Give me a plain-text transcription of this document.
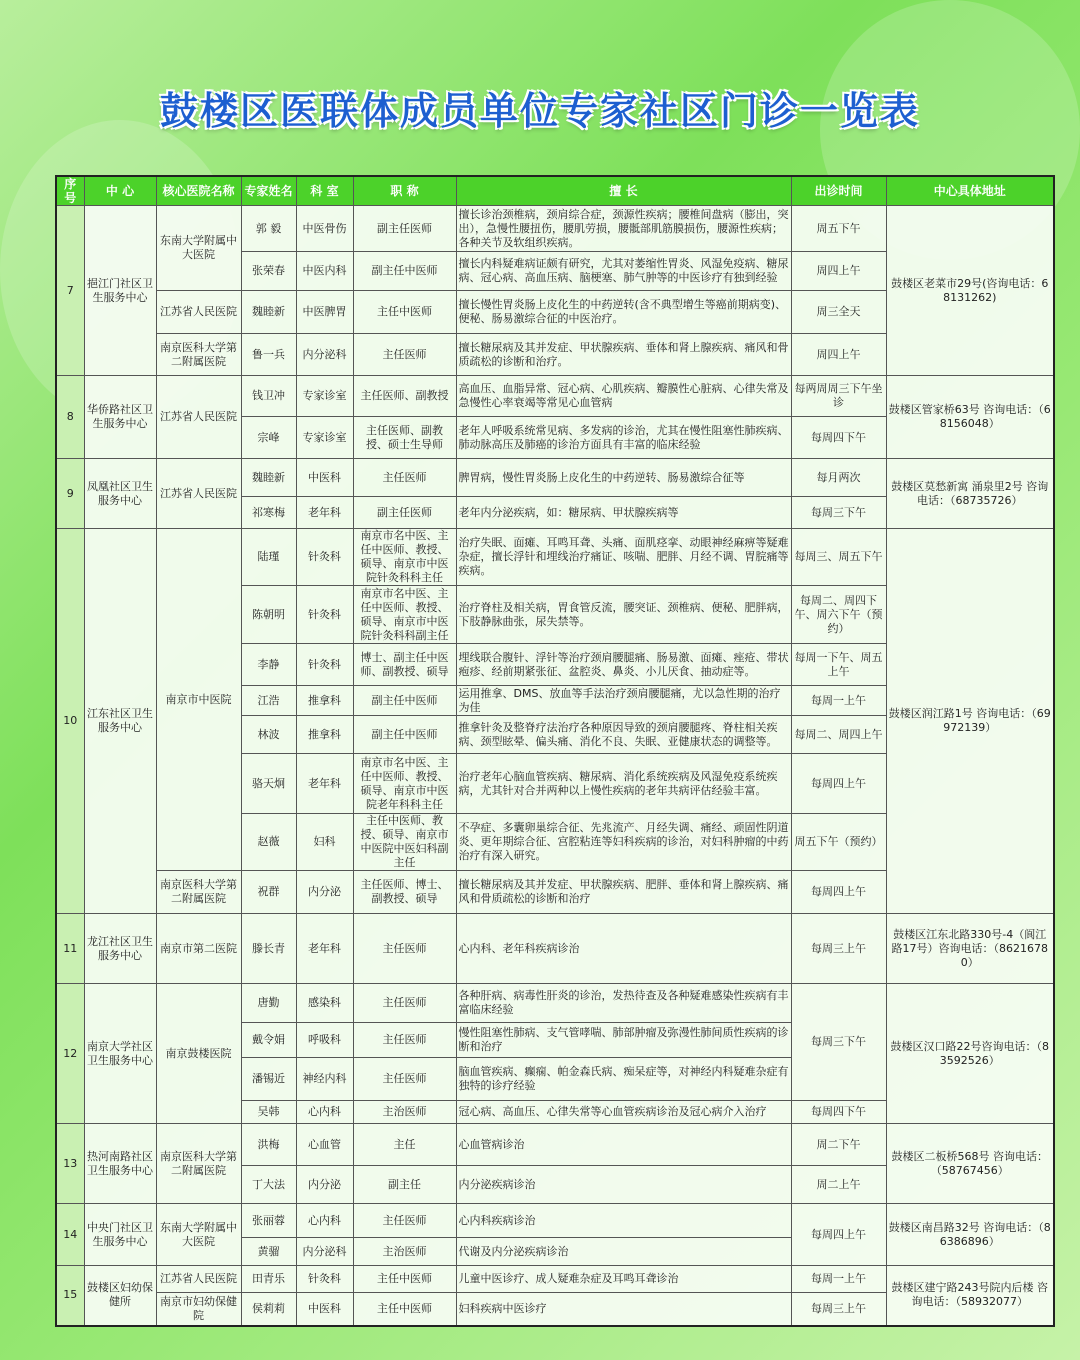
鼓楼区医联体成员单位专家社区门诊一览表
序号	中 心	核心医院名称	专家姓名	科 室	职 称	擅 长	出诊时间	中心具体地址
7	挹江门社区卫生服务中心	东南大学附属中大医院	郭 毅	中医骨伤	副主任医师	擅长诊治颈椎病，颈肩综合症，颈源性疾病；腰椎间盘病（膨出，突出），急慢性腰扭伤，腰肌劳损，腰骶部肌筋膜损伤，腰源性疾病；各种关节及软组织疾病。	周五下午	鼓楼区老菜市29号(咨询电话：68131262)
			张荣春	中医内科	副主任中医师	擅长内科疑难病证颇有研究，尤其对萎缩性胃炎、风湿免疫病、糖尿病、冠心病、高血压病、脑梗塞、肺气肿等的中医诊疗有独到经验	周四上午	
		江苏省人民医院	魏睦新	中医脾胃	主任中医师	擅长慢性胃炎肠上皮化生的中药逆转(含不典型增生等癌前期病变)、便秘、肠易激综合征的中医治疗。	周三全天	
		南京医科大学第二附属医院	鲁一兵	内分泌科	主任医师	擅长糖尿病及其并发症、甲状腺疾病、垂体和肾上腺疾病、痛风和骨质疏松的诊断和治疗。	周四上午	
8	华侨路社区卫生服务中心	江苏省人民医院	钱卫冲	专家诊室	主任医师、副教授	高血压、血脂异常、冠心病、心肌疾病、瓣膜性心脏病、心律失常及急慢性心率衰竭等常见心血管病	每两周周三下午坐诊	鼓楼区管家桥63号 咨询电话：（68156048）
			宗峰	专家诊室	主任医师、副教授、硕士生导师	老年人呼吸系统常见病、多发病的诊治，尤其在慢性阻塞性肺疾病、肺动脉高压及肺癌的诊治方面具有丰富的临床经验	每周四下午	
9	凤凰社区卫生服务中心	江苏省人民医院	魏睦新	中医科	主任医师	脾胃病，慢性胃炎肠上皮化生的中药逆转、肠易激综合征等	每月两次	鼓楼区莫愁新寓 涌泉里2号 咨询电话：（68735726）
			祁寒梅	老年科	副主任医师	老年内分泌疾病，如：糖尿病、甲状腺疾病等	每周三下午	
10	江东社区卫生服务中心	南京市中医院	陆瑾	针灸科	南京市名中医、主任中医师、教授、硕导、南京市中医院针灸科科主任	治疗失眠、面瘫、耳鸣耳聋、头痛、面肌痉挛、动眼神经麻痹等疑难杂症，擅长浮针和埋线治疗痛证、咳喘、肥胖、月经不调、胃脘痛等疾病。	每周三、周五下午	鼓楼区润江路1号 咨询电话：（69972139）
			陈朝明	针灸科	南京市名中医、主任中医师、教授、硕导、南京市中医院针灸科科副主任	治疗脊柱及相关病，胃食管反流，腰突证、颈椎病、便秘、肥胖病，下肢静脉曲张，尿失禁等。	每周二、周四下午、周六下午（预约）	
			李静	针灸科	博士、副主任中医师、副教授、硕导	埋线联合腹针、浮针等治疗颈肩腰腿痛、肠易激、面瘫、痤疮、带状疱疹、经前期紧张征、盆腔炎、鼻炎、小儿厌食、抽动症等。	每周一下午、周五上午	
			江浩	推拿科	副主任中医师	运用推拿、DMS、放血等手法治疗颈肩腰腿痛，尤以急性期的治疗为佳	每周一上午	
			林波	推拿科	副主任中医师	推拿针灸及整脊疗法治疗各种原因导致的颈肩腰腿疼、脊柱相关疾病、颈型眩晕、偏头痛、消化不良、失眠、亚健康状态的调整等。	每周二、周四上午	
			骆天炯	老年科	南京市名中医、主任中医师、教授、硕导、南京市中医院老年科科主任	治疗老年心脑血管疾病、糖尿病、消化系统疾病及风湿免疫系统疾病，尤其针对合并两种以上慢性疾病的老年共病评估经验丰富。	每周四上午	
			赵薇	妇科	主任中医师、教授、硕导、南京市中医院中医妇科副主任	不孕症、多囊卵巢综合征、先兆流产、月经失调、痛经、顽固性阴道炎、更年期综合征、宫腔粘连等妇科疾病的诊治，对妇科肿瘤的中药治疗有深入研究。	周五下午（预约）	
		南京医科大学第二附属医院	祝群	内分泌	主任医师、博士、副教授、硕导	擅长糖尿病及其并发症、甲状腺疾病、肥胖、垂体和肾上腺疾病、痛风和骨质疏松的诊断和治疗	每周四上午	
11	龙江社区卫生服务中心	南京市第二医院	滕长青	老年科	主任医师	心内科、老年科疾病诊治	每周三上午	鼓楼区江东北路330号-4（阆江路17号）咨询电话：（86216780）
12	南京大学社区卫生服务中心	南京鼓楼医院	唐勤	感染科	主任医师	各种肝病、病毒性肝炎的诊治，发热待查及各种疑难感染性疾病有丰富临床经验	每周三下午	鼓楼区汉口路22号咨询电话：（83592526）
			戴令娟	呼吸科	主任医师	慢性阻塞性肺病、支气管哮喘、肺部肿瘤及弥漫性肺间质性疾病的诊断和治疗		
			潘锡近	神经内科	主任医师	脑血管疾病、癫痫、帕金森氏病、痴呆症等，对神经内科疑难杂症有独特的诊疗经验		
			吴韩	心内科	主治医师	冠心病、高血压、心律失常等心血管疾病诊治及冠心病介入治疗	每周四下午	
13	热河南路社区卫生服务中心	南京医科大学第二附属医院	洪梅	心血管	主任	心血管病诊治	周二下午	鼓楼区二板桥568号 咨询电话：（58767456）
			丁大法	内分泌	副主任	内分泌疾病诊治	周二上午	
14	中央门社区卫生服务中心	东南大学附属中大医院	张丽蓉	心内科	主任医师	心内科疾病诊治	每周四上午	鼓楼区南昌路32号 咨询电话：（86386896）
			黄骝	内分泌科	主治医师	代谢及内分泌疾病诊治		
15	鼓楼区妇幼保健所	江苏省人民医院	田青乐	针灸科	主任中医师	儿童中医诊疗、成人疑难杂症及耳鸣耳聋诊治	每周一上午	鼓楼区建宁路243号院内后楼 咨询电话：（58932077）
		南京市妇幼保健院	侯莉莉	中医科	主任中医师	妇科疾病中医诊疗	每周三上午	
